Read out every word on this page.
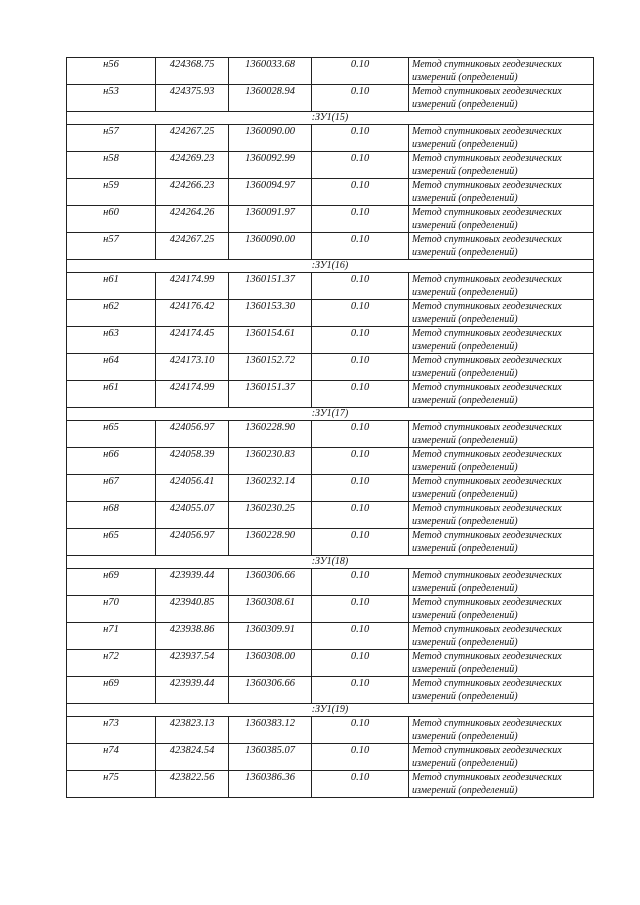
н56	424368.75	1360033.68	0.10	Метод спутниковых геодезических
измерений (определений)

н53	424375.93	1360028.94	0.10	Метод спутниковых геодезических
измерений (определений)

:ЗУ1(15)				
н57	424267.25	1360090.00	0.10	Метод спутниковых геодезических
измерений (определений)

н58	424269.23	1360092.99	0.10	Метод спутниковых геодезических
измерений (определений)

н59	424266.23	1360094.97	0.10	Метод спутниковых геодезических
измерений (определений)

н60	424264.26	1360091.97	0.10	Метод спутниковых геодезических
измерений (определений)

н57	424267.25	1360090.00	0.10	Метод спутниковых геодезических
измерений (определений)

:ЗУ1(16)				
н61	424174.99	1360151.37	0.10	Метод спутниковых геодезических
измерений (определений)

н62	424176.42	1360153.30	0.10	Метод спутниковых геодезических
измерений (определений)

н63	424174.45	1360154.61	0.10	Метод спутниковых геодезических
измерений (определений)

н64	424173.10	1360152.72	0.10	Метод спутниковых геодезических
измерений (определений)

н61	424174.99	1360151.37	0.10	Метод спутниковых геодезических
измерений (определений)

:ЗУ1(17)				
н65	424056.97	1360228.90	0.10	Метод спутниковых геодезических
измерений (определений)

н66	424058.39	1360230.83	0.10	Метод спутниковых геодезических
измерений (определений)

н67	424056.41	1360232.14	0.10	Метод спутниковых геодезических
измерений (определений)

н68	424055.07	1360230.25	0.10	Метод спутниковых геодезических
измерений (определений)

н65	424056.97	1360228.90	0.10	Метод спутниковых геодезических
измерений (определений)

:ЗУ1(18)				
н69	423939.44	1360306.66	0.10	Метод спутниковых геодезических
измерений (определений)

н70	423940.85	1360308.61	0.10	Метод спутниковых геодезических
измерений (определений)

н71	423938.86	1360309.91	0.10	Метод спутниковых геодезических
измерений (определений)

н72	423937.54	1360308.00	0.10	Метод спутниковых геодезических
измерений (определений)

н69	423939.44	1360306.66	0.10	Метод спутниковых геодезических
измерений (определений)

:ЗУ1(19)				
н73	423823.13	1360383.12	0.10	Метод спутниковых геодезических
измерений (определений)

н74	423824.54	1360385.07	0.10	Метод спутниковых геодезических
измерений (определений)

н75	423822.56	1360386.36	0.10	Метод спутниковых геодезических
измерений (определений)
